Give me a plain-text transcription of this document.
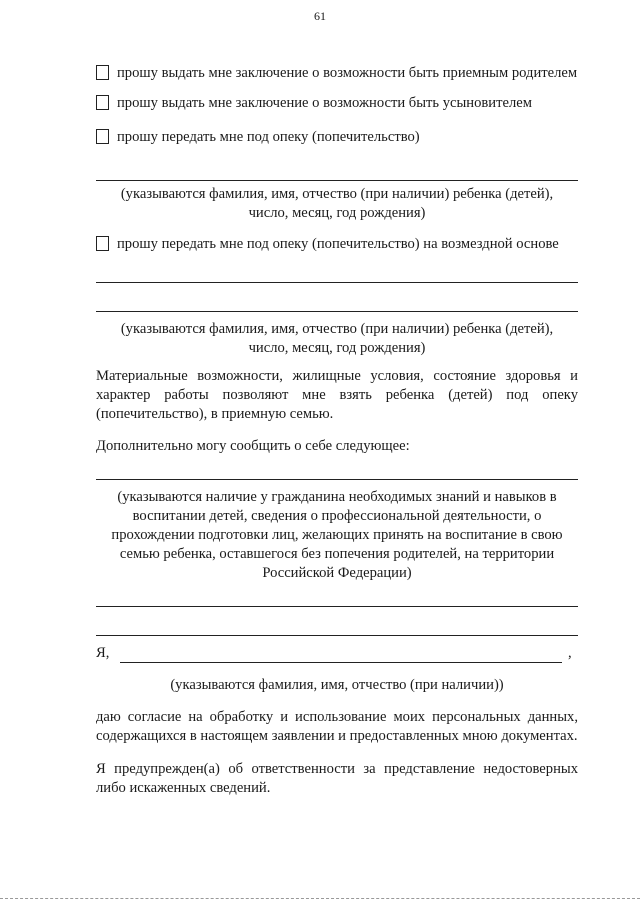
61
прошу выдать мне заключение о возможности быть приемным родителем
прошу выдать мне заключение о возможности быть усыновителем
прошу передать мне под опеку (попечительство)

(указываются фамилия, имя, отчество (при наличии) ребенка (детей),

число, месяц, год рождения)

прошу передать мне под опеку (попечительство) на возмездной основе

(указываются фамилия, имя, отчество (при наличии) ребенка (детей),

число, месяц, год рождения)

Материальные возможности, жилищные условия, состояние здоровья и характер работы позволяют мне взять ребенка (детей) под опеку (попечительство), в приемную семью.

Дополнительно могу сообщить о себе следующее:

(указываются наличие у гражданина необходимых знаний и навыков в воспитании детей, сведения о профессиональной деятельности, о прохождении подготовки лиц, желающих принять на воспитание в свою семью ребенка, оставшегося без попечения родителей, на территории Российской Федерации)

Я,	,

(указываются фамилия, имя, отчество (при наличии))

даю согласие на обработку и использование моих персональных данных, содержащихся в настоящем заявлении и предоставленных мною документах.

Я предупрежден(а) об ответственности за представление недостоверных либо искаженных сведений.
